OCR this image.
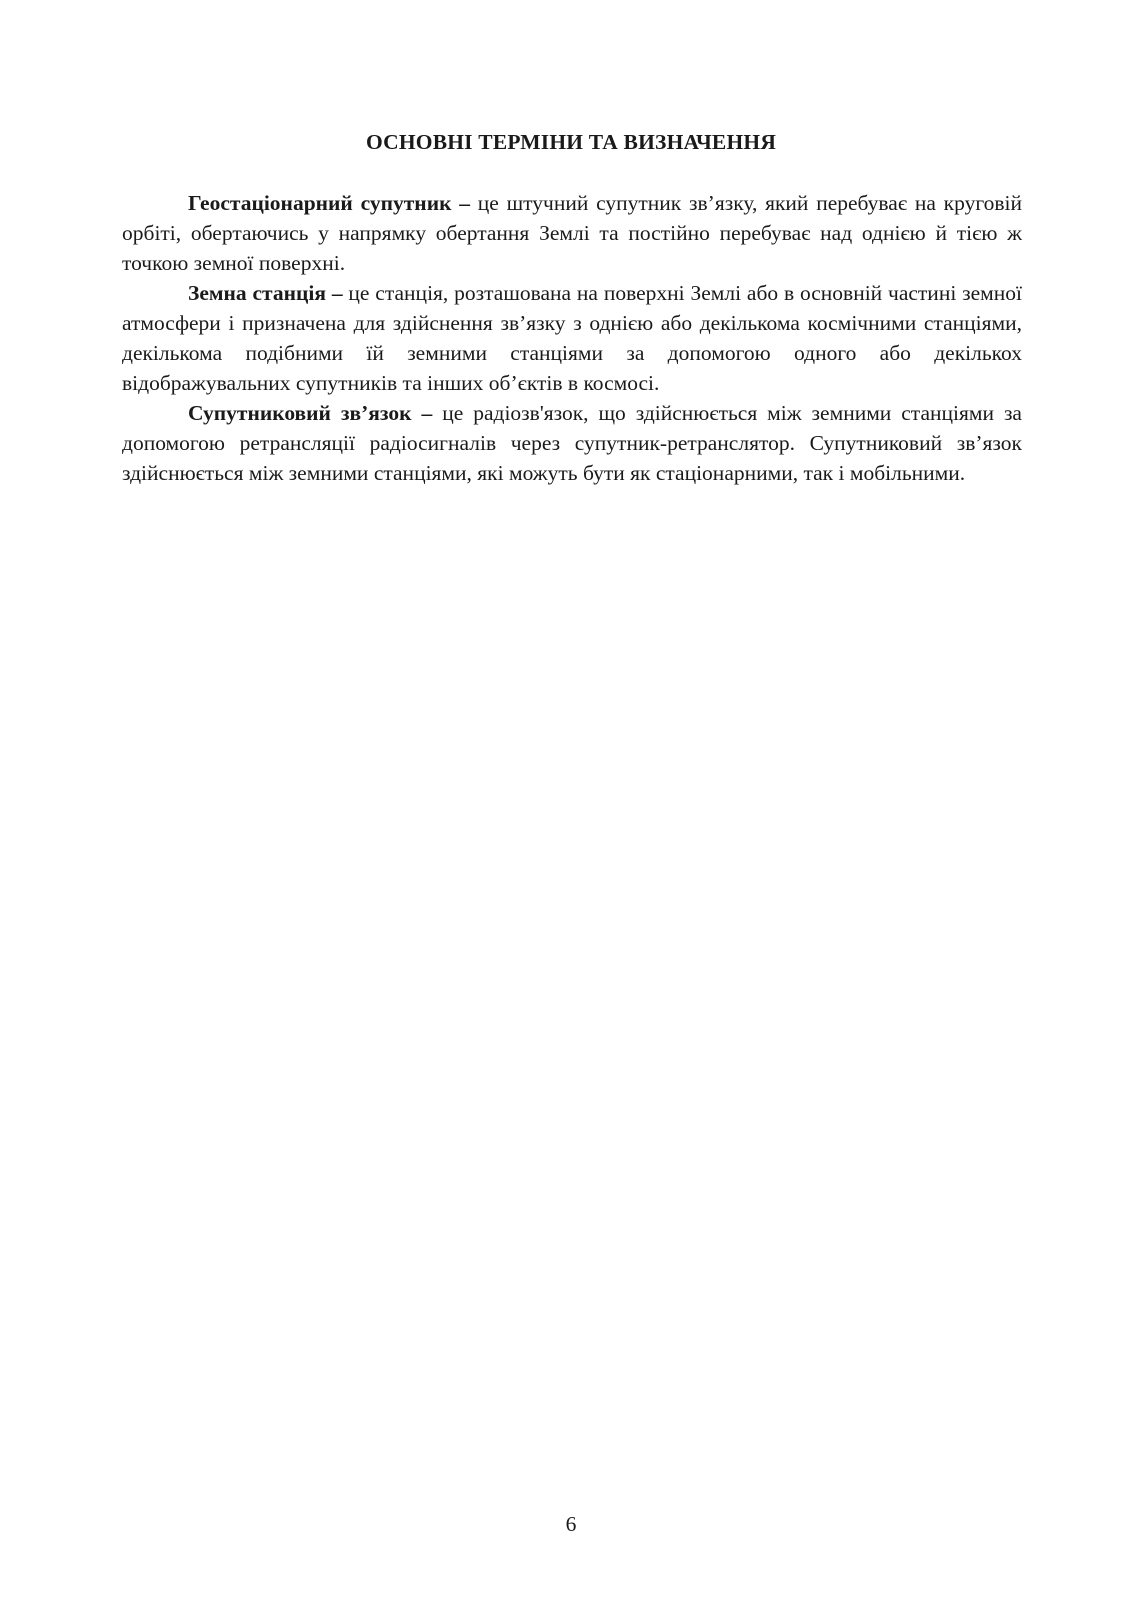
ОСНОВНІ ТЕРМІНИ ТА ВИЗНАЧЕННЯ

Геостаціонарний супутник – це штучний супутник зв’язку, який перебуває на круговій орбіті, обертаючись у напрямку обертання Землі та постійно перебуває над однією й тією ж точкою земної поверхні.

Земна станція – це станція, розташована на поверхні Землі або в основній частині земної атмосфери і призначена для здійснення зв’язку з однією або декількома космічними станціями, декількома подібними їй земними станціями за допомогою одного або декількох відображувальних супутників та інших об’єктів в космосі.

Супутниковий зв’язок – це радіозв'язок, що здійснюється між земними станціями за допомогою ретрансляції радіосигналів через супутник-ретранслятор. Супутниковий зв’язок здійснюється між земними станціями, які можуть бути як стаціонарними, так і мобільними.

6
